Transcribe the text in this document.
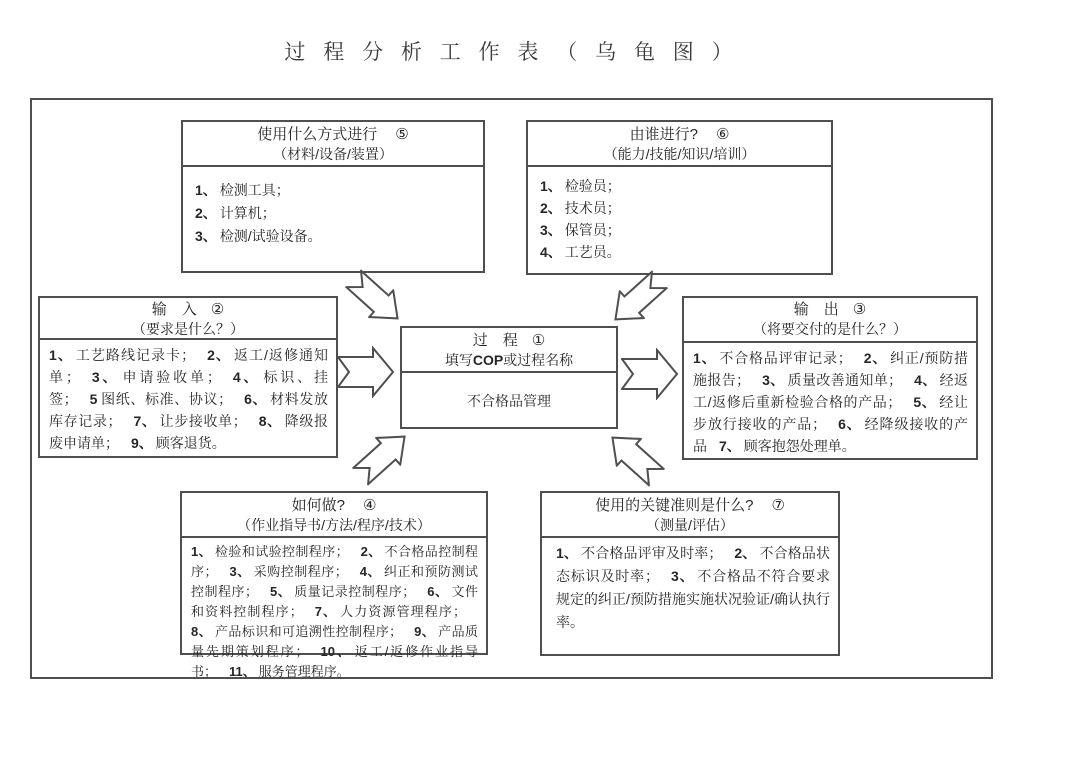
过 程 分 析 工 作 表 （ 乌 龟 图 ）
使用什么方式进行 ⑤
（材料/设备/装置）
1、 检测工具；
2、 计算机；
3、 检测/试验设备。
由谁进行? ⑥
（能力/技能/知识/培训）
1、 检验员；
2、 技术员；
3、 保管员；
4、 工艺员。
输　入 ②
（要求是什么？）
1、 工艺路线记录卡； 2、 返工/返修通知单； 3、 申请验收单； 4、 标识、挂签； 5 图纸、标准、协议； 6、 材料发放库存记录； 7、 让步接收单； 8、 降级报废申请单； 9、 顾客退货。
输　出 ③
（将要交付的是什么？）
1、 不合格品评审记录； 2、 纠正/预防措施报告； 3、 质量改善通知单； 4、 经返工/返修后重新检验合格的产品； 5、 经让步放行接收的产品； 6、 经降级接收的产品 7、 顾客抱怨处理单。
过　程 ①
填写COP或过程名称
不合格品管理
如何做? ④
（作业指导书/方法/程序/技术）
1、 检验和试验控制程序； 2、 不合格品控制程序； 3、 采购控制程序； 4、 纠正和预防测试控制程序； 5、 质量记录控制程序； 6、 文件和资料控制程序； 7、 人力资源管理程序；8、 产品标识和可追溯性控制程序； 9、 产品质量先期策划程序； 10、 返工/返修作业指导书； 11、 服务管理程序。
使用的关键准则是什么? ⑦
（测量/评估）
1、 不合格品评审及时率； 2、 不合格品状态标识及时率； 3、 不合格品不符合要求规定的纠正/预防措施实施状况验证/确认执行率。
